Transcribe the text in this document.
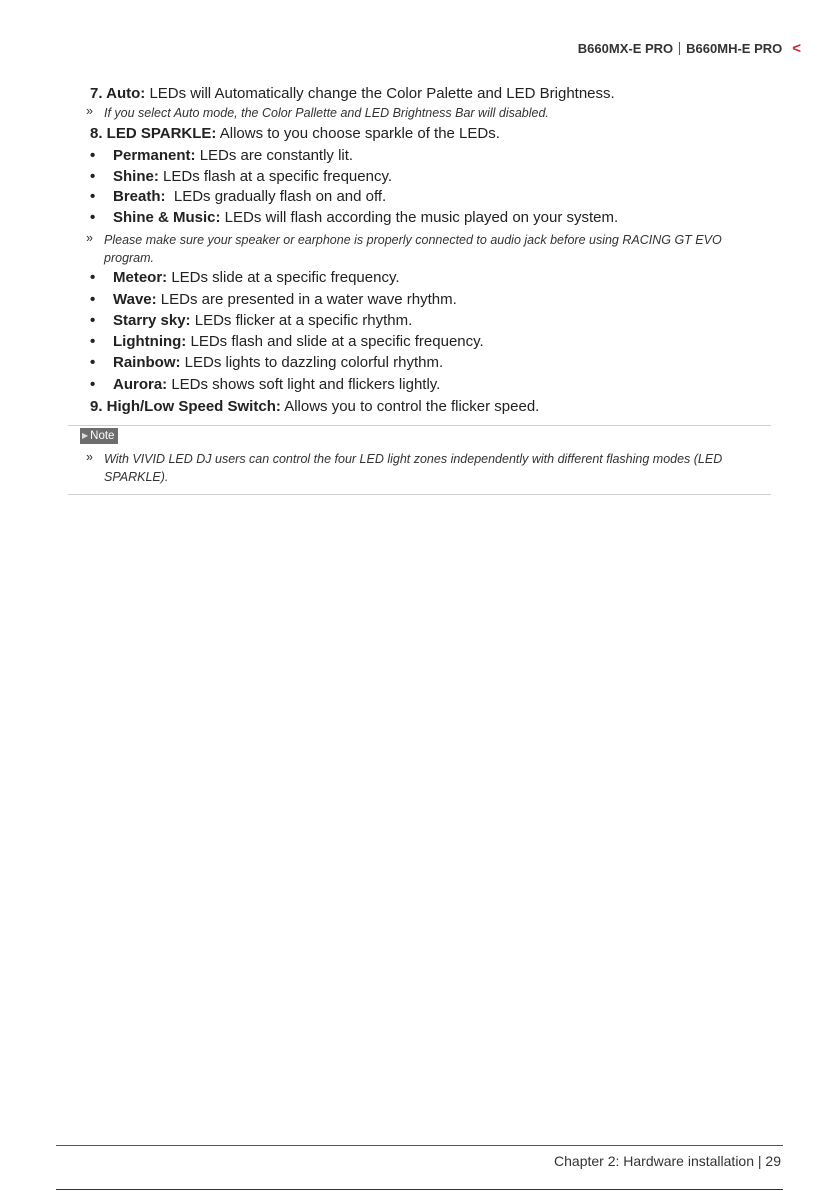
B660MX-E PRO B660MH-E PRO <
7. Auto: LEDs will Automatically change the Color Palette and LED Brightness.
» If you select Auto mode, the Color Pallette and LED Brightness Bar will disabled.
8. LED SPARKLE: Allows to you choose sparkle of the LEDs.
•	Permanent: LEDs are constantly lit.
•	Shine: LEDs flash at a specific frequency.
•	Breath: LEDs gradually flash on and off.
•	Shine & Music: LEDs will flash according the music played on your system.
» Please make sure your speaker or earphone is properly connected to audio jack before using RACING GT EVO program.
•	Meteor: LEDs slide at a specific frequency.
•	Wave: LEDs are presented in a water wave rhythm.
•	Starry sky: LEDs flicker at a specific rhythm.
•	Lightning: LEDs flash and slide at a specific frequency.
•	Rainbow: LEDs lights to dazzling colorful rhythm.
•	Aurora: LEDs shows soft light and flickers lightly.
9. High/Low Speed Switch: Allows you to control the flicker speed.
▶ Note
» With VIVID LED DJ users can control the four LED light zones independently with different flashing modes (LED SPARKLE).
Chapter 2: Hardware installation | 29
